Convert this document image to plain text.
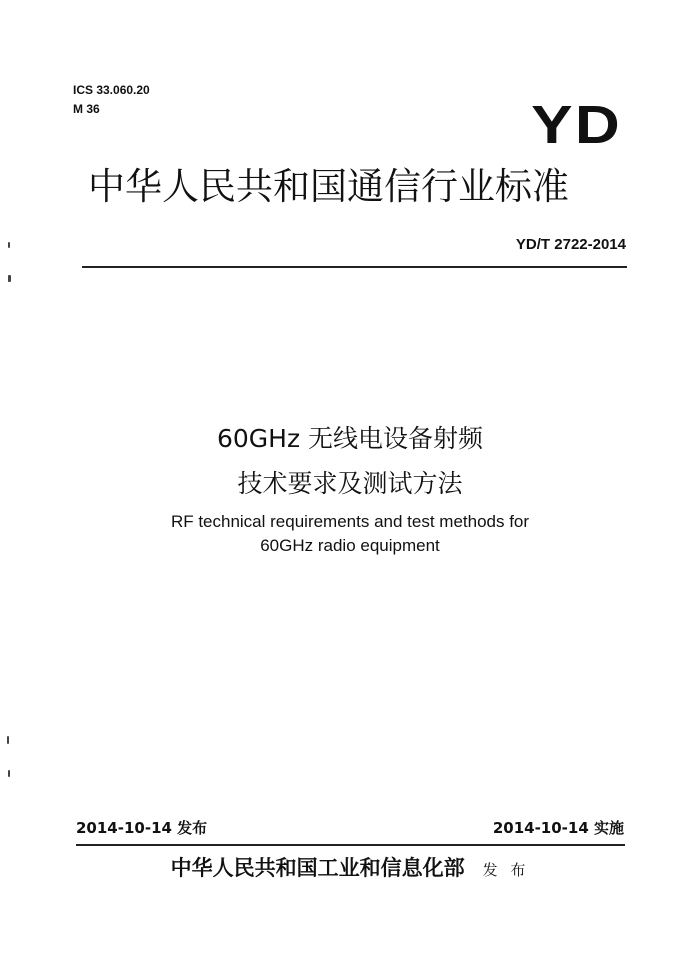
ICS 33.060.20
M 36	YD
中华人民共和国通信行业标准
YD/T 2722-2014
60GHz 无线电设备射频
技术要求及测试方法
RF technical requirements and test methods for
60GHz radio equipment
2014-10-14 发布	2014-10-14 实施
中华人民共和国工业和信息化部 发 布
